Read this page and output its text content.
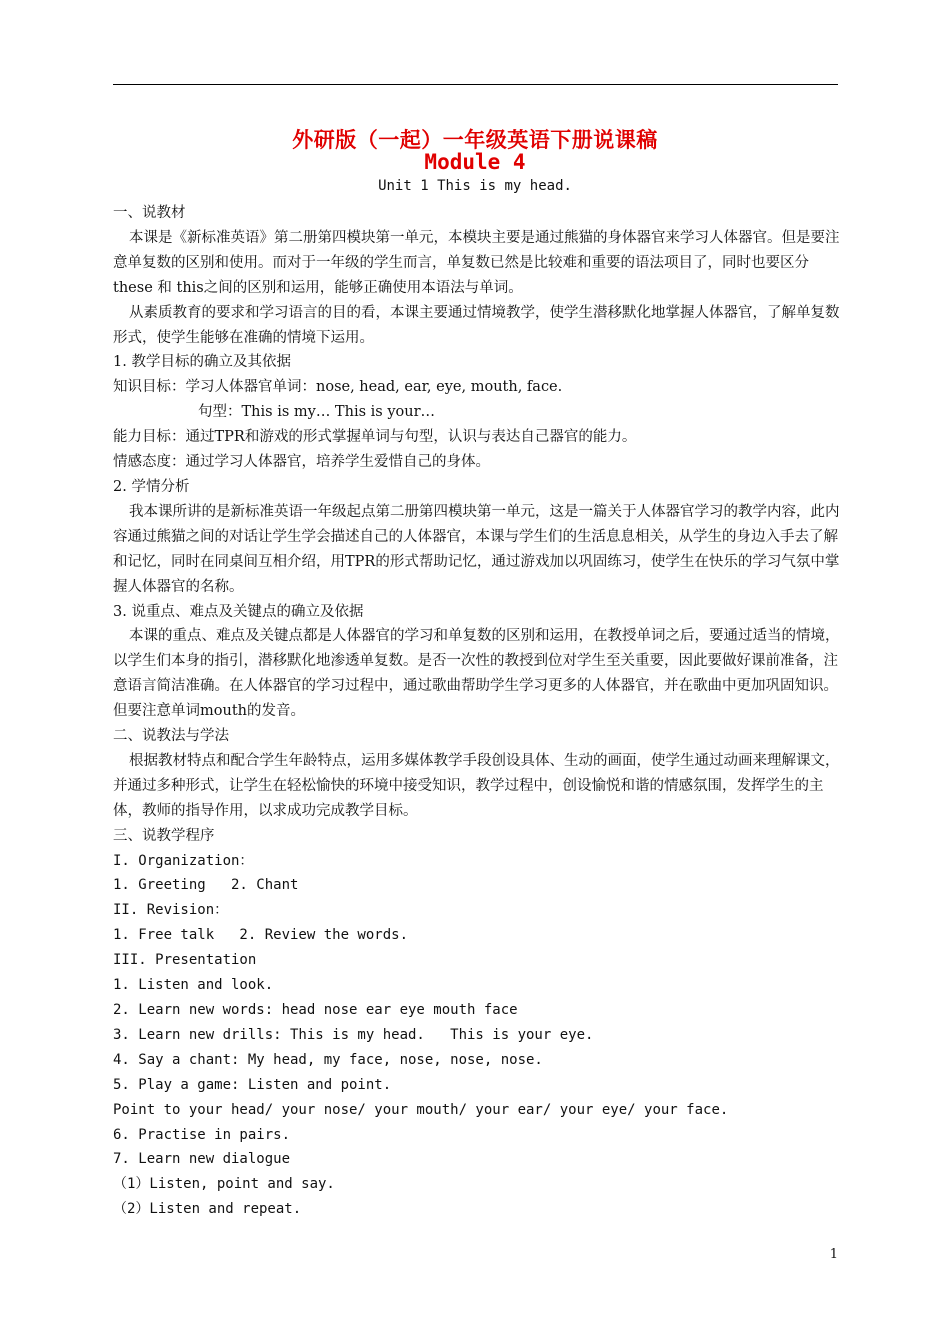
外研版（一起）一年级英语下册说课稿
Module 4
Unit 1 This is my head.

一、说教材

本课是《新标准英语》第二册第四模块第一单元，本模块主要是通过熊猫的身体器官来学习人体器官。但是要注意单复数的区别和使用。而对于一年级的学生而言，单复数已然是比较难和重要的语法项目了，同时也要区分these 和 this之间的区别和运用，能够正确使用本语法与单词。

从素质教育的要求和学习语言的目的看，本课主要通过情境教学，使学生潜移默化地掌握人体器官，了解单复数形式，使学生能够在准确的情境下运用。

1. 教学目标的确立及其依据

知识目标：学习人体器官单词：nose, head, ear, eye, mouth, face.

句型：This is my… This is your…

能力目标：通过TPR和游戏的形式掌握单词与句型，认识与表达自己器官的能力。

情感态度：通过学习人体器官，培养学生爱惜自己的身体。

2. 学情分析

我本课所讲的是新标准英语一年级起点第二册第四模块第一单元，这是一篇关于人体器官学习的教学内容，此内容通过熊猫之间的对话让学生学会描述自己的人体器官，本课与学生们的生活息息相关，从学生的身边入手去了解和记忆，同时在同桌间互相介绍，用TPR的形式帮助记忆，通过游戏加以巩固练习，使学生在快乐的学习气氛中掌握人体器官的名称。

3. 说重点、难点及关键点的确立及依据

本课的重点、难点及关键点都是人体器官的学习和单复数的区别和运用，在教授单词之后，要通过适当的情境，以学生们本身的指引，潜移默化地渗透单复数。是否一次性的教授到位对学生至关重要，因此要做好课前准备，注意语言简洁准确。在人体器官的学习过程中，通过歌曲帮助学生学习更多的人体器官，并在歌曲中更加巩固知识。但要注意单词mouth的发音。

二、说教法与学法

根据教材特点和配合学生年龄特点，运用多媒体教学手段创设具体、生动的画面，使学生通过动画来理解课文，并通过多种形式，让学生在轻松愉快的环境中接受知识，教学过程中，创设愉悦和谐的情感氛围，发挥学生的主体，教师的指导作用，以求成功完成教学目标。

三、说教学程序

I. Organization：

1. Greeting   2. Chant

II. Revision：

1. Free talk   2. Review the words.

III. Presentation

1. Listen and look.

2. Learn new words: head nose ear eye mouth face

3. Learn new drills: This is my head.   This is your eye.

4. Say a chant: My head, my face, nose, nose, nose.

5. Play a game: Listen and point.

Point to your head/ your nose/ your mouth/ your ear/ your eye/ your face.

6. Practise in pairs.

7. Learn new dialogue

（1）Listen, point and say.

（2）Listen and repeat.

1
